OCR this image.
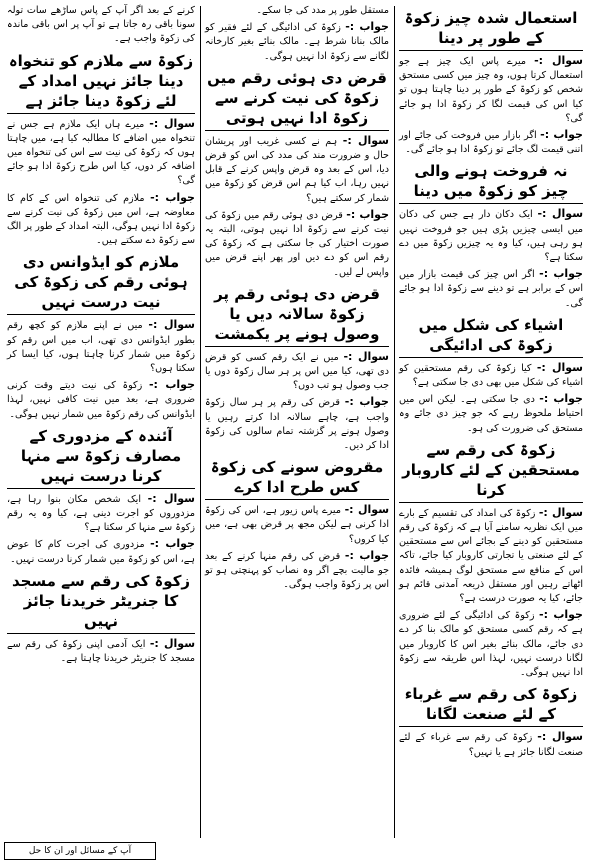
استعمال شدہ چیز زکوۃ کے طور پر دینا

سوال :- میرے پاس ایک چیز ہے جو استعمال کرتا ہوں، وہ چیز میں کسی مستحق شخص کو زکوۃ کے طور پر دینا چاہتا ہوں تو کیا اس کی قیمت لگا کر زکوۃ ادا ہو جائے گی؟

جواب :- اگر بازار میں فروخت کی جائے اور اتنی قیمت لگ جائے تو زکوۃ ادا ہو جائے گی۔

نہ فروخت ہونے والی چیز کو زکوۃ میں دینا

سوال :- ایک دکان دار ہے جس کی دکان میں ایسی چیزیں پڑی ہیں جو فروخت نہیں ہو رہی ہیں، کیا وہ یہ چیزیں زکوۃ میں دے سکتا ہے؟

جواب :- اگر اس چیز کی قیمت بازار میں اس کے برابر ہے تو دینے سے زکوۃ ادا ہو جائے گی۔

اشیاء کی شکل میں زکوۃ کی ادائیگی

سوال :- کیا زکوۃ کی رقم مستحقین کو اشیاء کی شکل میں بھی دی جا سکتی ہے؟

جواب :- دی جا سکتی ہے۔ لیکن اس میں احتیاط ملحوظ رہے کہ جو چیز دی جائے وہ مستحق کی ضرورت کی ہو۔

زکوۃ کی رقم سے مستحقین کے لئے کاروبار کرنا

سوال :- زکوۃ کی امداد کی تقسیم کے بارے میں ایک نظریہ سامنے آیا ہے کہ زکوۃ کی رقم مستحقین کو دینے کے بجائے اس سے مستحقین کے لئے صنعتی یا تجارتی کاروبار کیا جائے، تاکہ اس کے منافع سے مستحق لوگ ہمیشہ فائدہ اٹھاتے رہیں اور مستقل ذریعہ آمدنی قائم ہو جائے، کیا یہ صورت درست ہے؟

جواب :- زکوۃ کی ادائیگی کے لئے ضروری ہے کہ رقم کسی مستحق کو مالک بنا کر دے دی جائے، مالک بنائے بغیر اس کا کاروبار میں لگانا درست نہیں، لہذا اس طریقہ سے زکوۃ ادا نہیں ہوگی۔

زکوۃ کی رقم سے غرباء کے لئے صنعت لگانا

سوال :- زکوۃ کی رقم سے غرباء کے لئے صنعت لگانا جائز ہے یا نہیں؟

مستقل طور پر مدد کی جا سکے۔

جواب :- زکوۃ کی ادائیگی کے لئے فقیر کو مالک بنانا شرط ہے۔ مالک بنائے بغیر کارخانہ لگانے سے زکوۃ ادا نہیں ہوگی۔

قرض دی ہوئی رقم میں زکوۃ کی نیت کرنے سے زکوۃ ادا نہیں ہوتی

سوال :- ہم نے کسی غریب اور پریشان حال و ضرورت مند کی مدد کی اس کو قرض دیا، اس کے بعد وہ قرض واپس کرنے کے قابل نہیں رہا، اب کیا ہم اس قرض کو زکوۃ میں شمار کر سکتے ہیں؟

جواب :- قرض دی ہوئی رقم میں زکوۃ کی نیت کرنے سے زکوۃ ادا نہیں ہوتی، البتہ یہ صورت اختیار کی جا سکتی ہے کہ زکوۃ کی رقم اس کو دے دیں اور پھر اپنے قرض میں واپس لے لیں۔

قرض دی ہوئی رقم پر زکوۃ سالانہ دیں یا وصول ہونے پر یکمشت

سوال :- میں نے ایک رقم کسی کو قرض دی تھی، کیا میں اس پر ہر سال زکوۃ دوں یا جب وصول ہو تب دوں؟

جواب :- قرض کی رقم پر ہر سال زکوۃ واجب ہے، چاہے سالانہ ادا کرتے رہیں یا وصول ہونے پر گزشتہ تمام سالوں کی زکوۃ ادا کر دیں۔

مقروض سونے کی زکوۃ کس طرح ادا کرے

سوال :- میرے پاس زیور ہے، اس کی زکوۃ ادا کرنی ہے لیکن مجھ پر قرض بھی ہے، میں کیا کروں؟

جواب :- قرض کی رقم منہا کرنے کے بعد جو مالیت بچے اگر وہ نصاب کو پہنچتی ہو تو اس پر زکوۃ واجب ہوگی۔

کرنے کے بعد اگر آپ کے پاس ساڑھے سات تولہ سونا باقی رہ جاتا ہے تو آپ پر اس باقی ماندہ کی زکوۃ واجب ہے۔

زکوۃ سے ملازم کو تنخواہ دینا جائز نہیں امداد کے لئے زکوۃ دینا جائز ہے

سوال :- میرے ہاں ایک ملازم ہے جس نے تنخواہ میں اضافے کا مطالبہ کیا ہے، میں چاہتا ہوں کہ زکوۃ کی نیت سے اس کی تنخواہ میں اضافہ کر دوں، کیا اس طرح زکوۃ ادا ہو جائے گی؟

جواب :- ملازم کی تنخواہ اس کے کام کا معاوضہ ہے، اس میں زکوۃ کی نیت کرنے سے زکوۃ ادا نہیں ہوگی، البتہ امداد کے طور پر الگ سے زکوۃ دے سکتے ہیں۔

ملازم کو ایڈوانس دی ہوئی رقم کی زکوۃ کی نیت درست نہیں

سوال :- میں نے اپنے ملازم کو کچھ رقم بطور ایڈوانس دی تھی، اب میں اس رقم کو زکوۃ میں شمار کرنا چاہتا ہوں، کیا ایسا کر سکتا ہوں؟

جواب :- زکوۃ کی نیت دیتے وقت کرنی ضروری ہے، بعد میں نیت کافی نہیں، لہذا ایڈوانس کی رقم زکوۃ میں شمار نہیں ہوگی۔

آئندہ کے مزدوری کے مصارف زکوۃ سے منہا کرنا درست نہیں

سوال :- ایک شخص مکان بنوا رہا ہے، مزدوروں کو اجرت دینی ہے، کیا وہ یہ رقم زکوۃ سے منہا کر سکتا ہے؟

جواب :- مزدوری کی اجرت کام کا عوض ہے، اس کو زکوۃ میں شمار کرنا درست نہیں۔

زکوۃ کی رقم سے مسجد کا جنریٹر خریدنا جائز نہیں

سوال :- ایک آدمی اپنی زکوۃ کی رقم سے مسجد کا جنریٹر خریدنا چاہتا ہے۔

آپ کے مسائل اور ان کا حل
